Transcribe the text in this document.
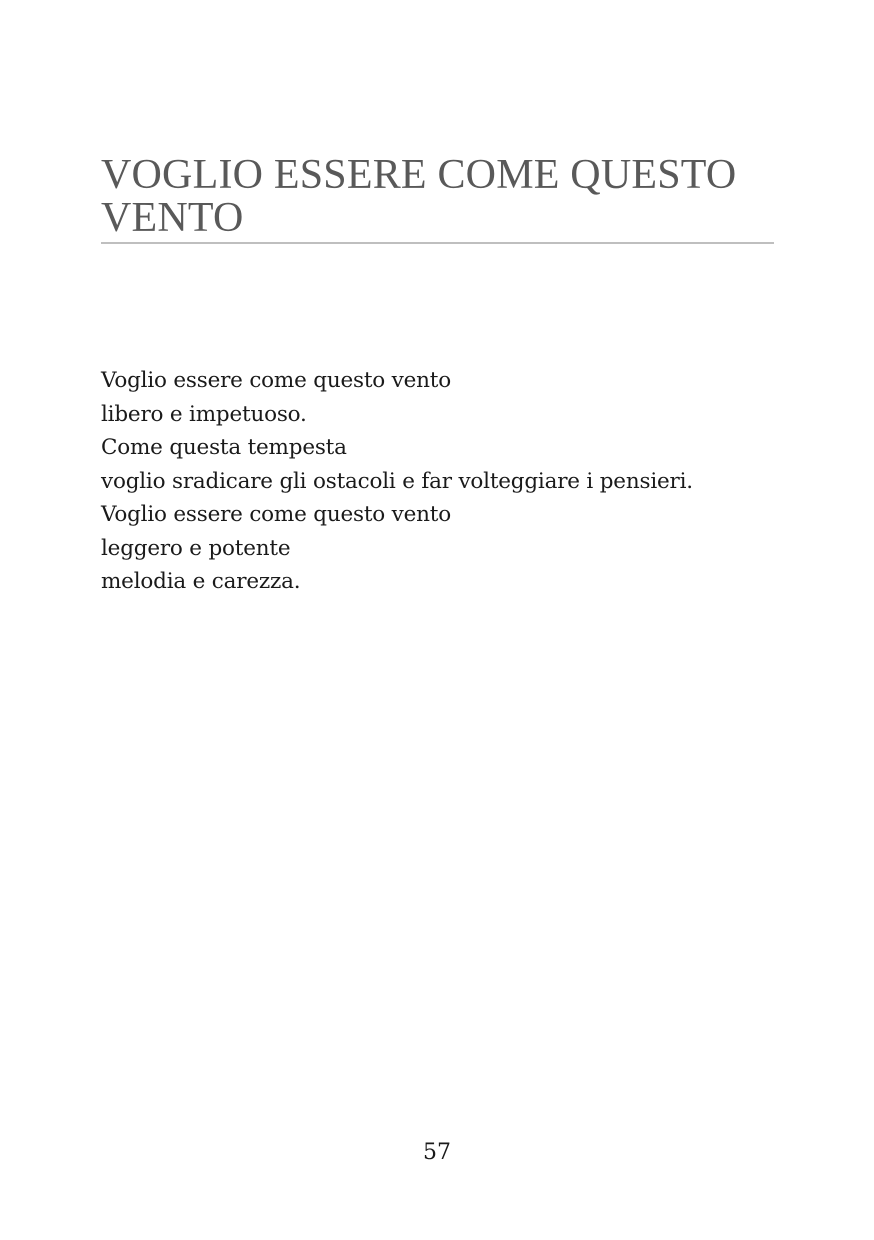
VOGLIO ESSERE COME QUESTO
VENTO
Voglio essere come questo vento
libero e impetuoso.
Come questa tempesta
voglio sradicare gli ostacoli e far volteggiare i pensieri.
Voglio essere come questo vento
leggero e potente
melodia e carezza.
57
